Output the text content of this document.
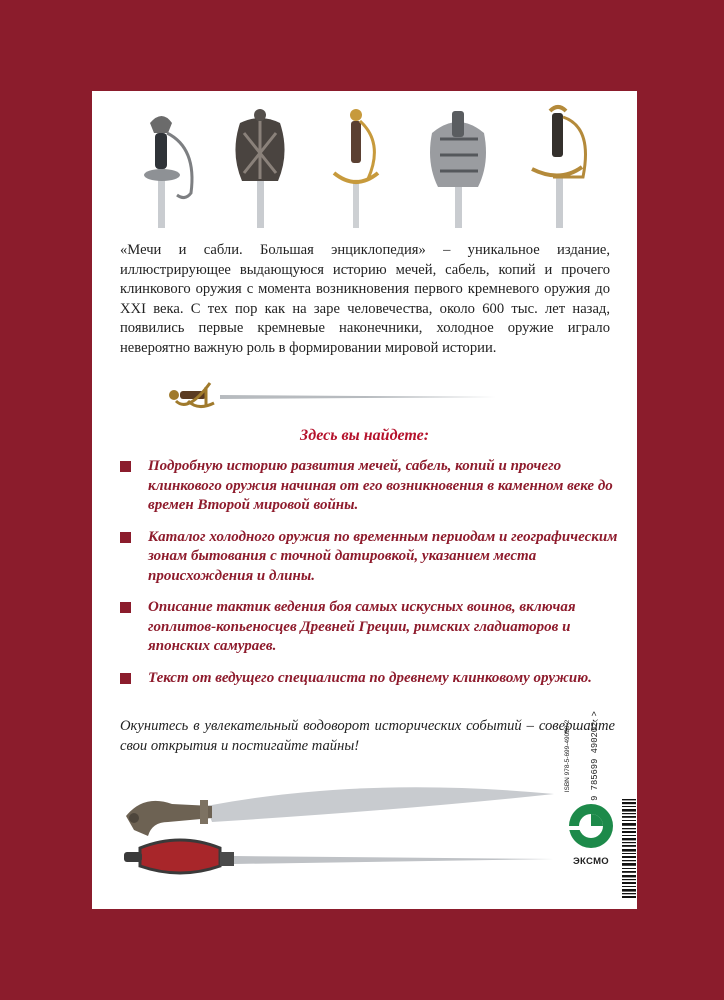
«Мечи и сабли. Большая энциклопедия» – уникальное издание, иллюстрирующее выдающуюся историю мечей, сабель, копий и прочего клинкового оружия с момента возникновения первого кремневого оружия до XXI века. С тех пор как на заре человечества, около 600 тыс. лет назад, появились первые кремневые наконечники, холодное оружие играло невероятно важную роль в формировании мировой истории.
Здесь вы найдете:
Подробную историю развития мечей, сабель, копий и прочего клинкового оружия начиная от его возникновения в каменном веке до времен Второй мировой войны.
Каталог холодного оружия по временным периодам и географическим зонам бытования с точной датировкой, указанием места происхождения и длины.
Описание тактик ведения боя самых искусных воинов, включая гоплитов-копьеносцев Древней Греции, римских гладиаторов и японских самураев.
Текст от ведущего специалиста по древнему клинковому оружию.
Окунитесь в увлекательный водоворот исторических событий – совершайте свои открытия и постигайте тайны!
ЭКСМО
ISBN 978-5-699-49020-2	9 785699 490202 >
